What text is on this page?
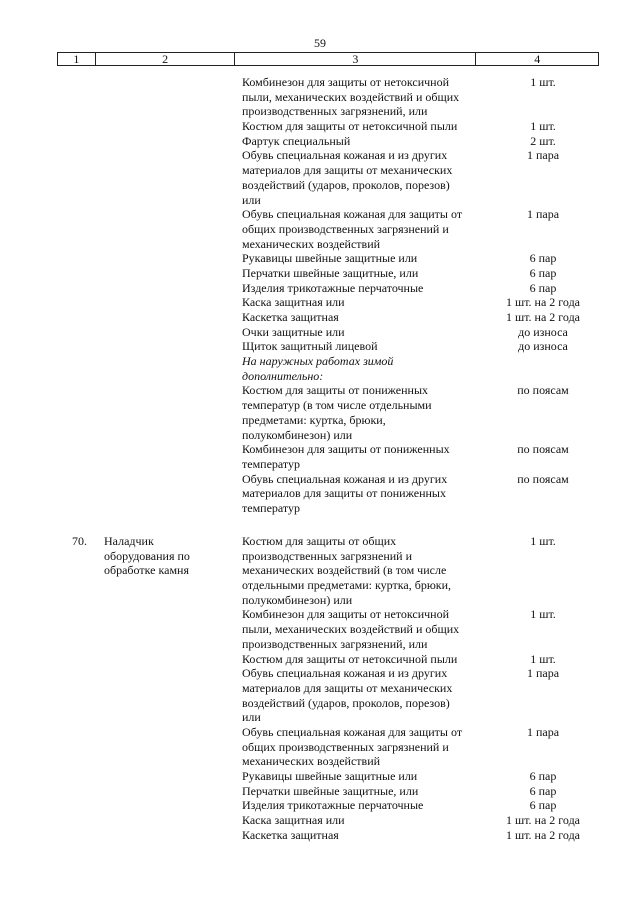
59
1	2	3	4
Комбинезон для защиты от нетоксичной	1 шт.
пыли, механических воздействий и общих
производственных загрязнений, или
Костюм для защиты от нетоксичной пыли	1 шт.
Фартук специальный	2 шт.
Обувь специальная кожаная и из других	1 пара
материалов для защиты от механических
воздействий (ударов, проколов, порезов)
или
Обувь специальная кожаная для защиты от	1 пара
общих производственных загрязнений и
механических воздействий
Рукавицы швейные защитные или	6 пар
Перчатки швейные защитные, или	6 пар
Изделия трикотажные перчаточные	6 пар
Каска защитная или	1 шт. на 2 года
Каскетка защитная	1 шт. на 2 года
Очки защитные или	до износа
Щиток защитный лицевой	до износа
На наружных работах зимой
дополнительно:
Костюм для защиты от пониженных	по поясам
температур (в том числе отдельными
предметами: куртка, брюки,
полукомбинезон) или
Комбинезон для защиты от пониженных	по поясам
температур
Обувь специальная кожаная и из других	по поясам
материалов для защиты от пониженных
температур
70. Наладчик	Костюм для защиты от общих	1 шт.
оборудования по	производственных загрязнений и
обработке камня	механических воздействий (в том числе
отдельными предметами: куртка, брюки,
полукомбинезон) или
Комбинезон для защиты от нетоксичной	1 шт.
пыли, механических воздействий и общих
производственных загрязнений, или
Костюм для защиты от нетоксичной пыли	1 шт.
Обувь специальная кожаная и из других	1 пара
материалов для защиты от механических
воздействий (ударов, проколов, порезов)
или
Обувь специальная кожаная для защиты от	1 пара
общих производственных загрязнений и
механических воздействий
Рукавицы швейные защитные или	6 пар
Перчатки швейные защитные, или	6 пар
Изделия трикотажные перчаточные	6 пар
Каска защитная или	1 шт. на 2 года
Каскетка защитная	1 шт. на 2 года
